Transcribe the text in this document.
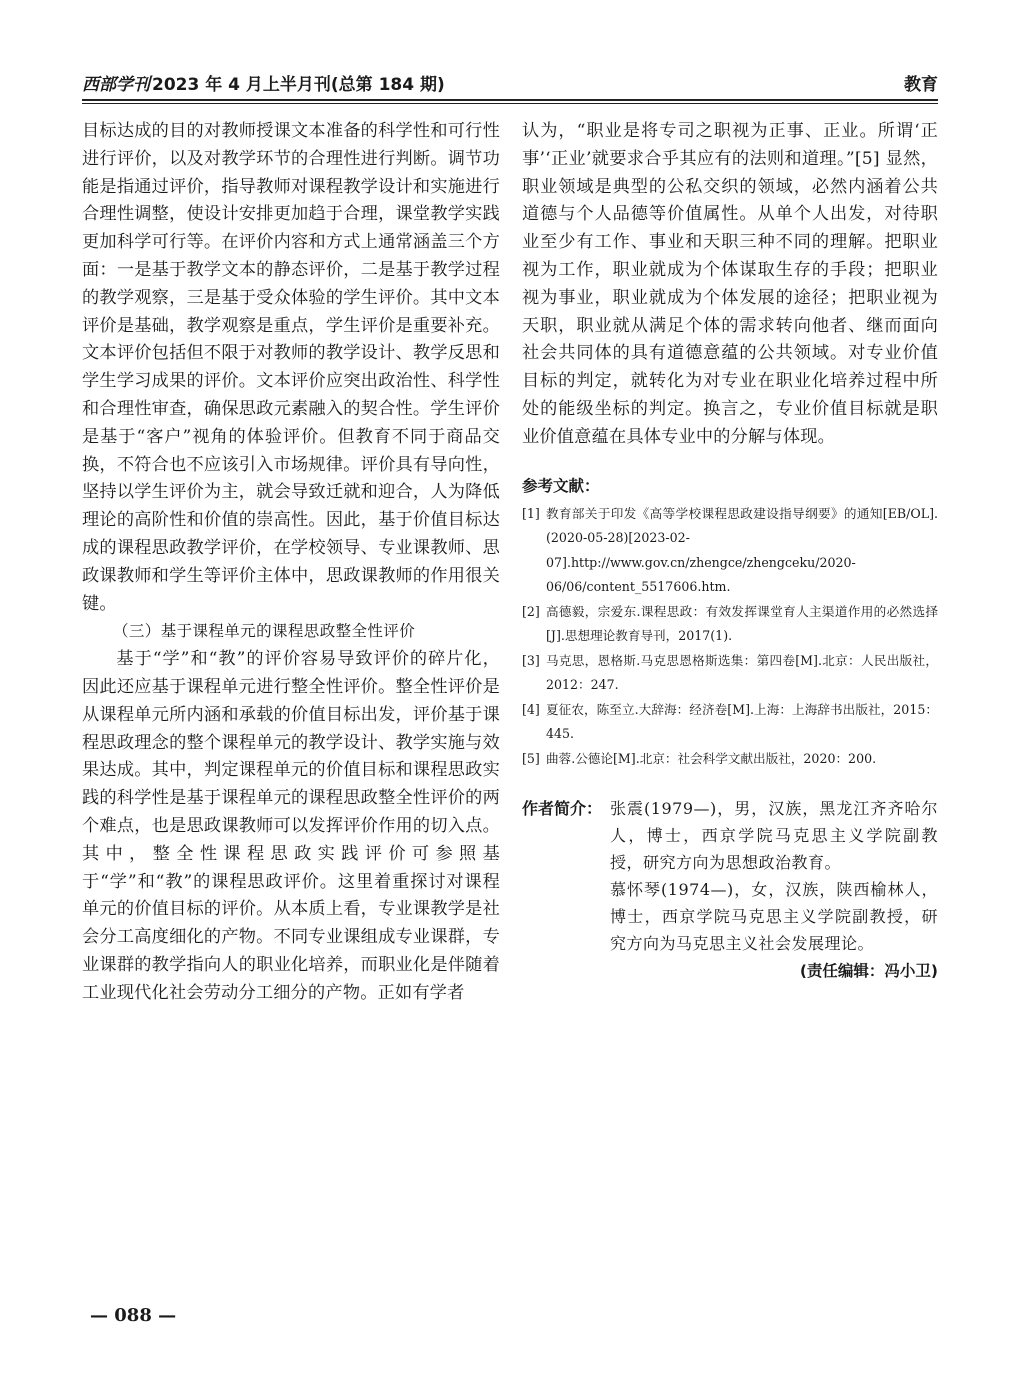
西部学刊 2023 年 4 月上半月刊(总第 184 期)	教育

目标达成的目的对教师授课文本准备的科学性和可行性进行评价，以及对教学环节的合理性进行判断。调节功能是指通过评价，指导教师对课程教学设计和实施进行合理性调整，使设计安排更加趋于合理，课堂教学实践更加科学可行等。在评价内容和方式上通常涵盖三个方面：一是基于教学文本的静态评价，二是基于教学过程的教学观察，三是基于受众体验的学生评价。其中文本评价是基础，教学观察是重点，学生评价是重要补充。文本评价包括但不限于对教师的教学设计、教学反思和学生学习成果的评价。文本评价应突出政治性、科学性和合理性审查，确保思政元素融入的契合性。学生评价是基于“客户”视角的体验评价。但教育不同于商品交换，不符合也不应该引入市场规律。评价具有导向性，坚持以学生评价为主，就会导致迁就和迎合，人为降低理论的高阶性和价值的崇高性。因此，基于价值目标达成的课程思政教学评价，在学校领导、专业课教师、思政课教师和学生等评价主体中，思政课教师的作用很关键。

（三）基于课程单元的课程思政整全性评价

基于“学”和“教”的评价容易导致评价的碎片化，因此还应基于课程单元进行整全性评价。整全性评价是从课程单元所内涵和承载的价值目标出发，评价基于课程思政理念的整个课程单元的教学设计、教学实施与效果达成。其中，判定课程单元的价值目标和课程思政实践的科学性是基于课程单元的课程思政整全性评价的两个难点，也是思政课教师可以发挥评价作用的切入点。其中，整全性课程思政实践评价可参照基于“学”和“教”的课程思政评价。这里着重探讨对课程单元的价值目标的评价。从本质上看，专业课教学是社会分工高度细化的产物。不同专业课组成专业课群，专业课群的教学指向人的职业化培养，而职业化是伴随着工业现代化社会劳动分工细分的产物。正如有学者

认为，“职业是将专司之职视为正事、正业。所谓‘正事’‘正业’就要求合乎其应有的法则和道理。”[5] 显然，职业领域是典型的公私交织的领域，必然内涵着公共道德与个人品德等价值属性。从单个人出发，对待职业至少有工作、事业和天职三种不同的理解。把职业视为工作，职业就成为个体谋取生存的手段；把职业视为事业，职业就成为个体发展的途径；把职业视为天职，职业就从满足个体的需求转向他者、继而面向社会共同体的具有道德意蕴的公共领域。对专业价值目标的判定，就转化为对专业在职业化培养过程中所处的能级坐标的判定。换言之，专业价值目标就是职业价值意蕴在具体专业中的分解与体现。

参考文献：

[1] 教育部关于印发《高等学校课程思政建设指导纲要》的通知[EB/OL].(2020-05-28)[2023-02-07].http://www.gov.cn/zhengce/zhengceku/2020-06/06/content_5517606.htm.

[2] 高德毅，宗爱东.课程思政：有效发挥课堂育人主渠道作用的必然选择[J].思想理论教育导刊，2017(1).

[3] 马克思，恩格斯.马克思恩格斯选集：第四卷[M].北京：人民出版社，2012：247.

[4] 夏征农，陈至立.大辞海：经济卷[M].上海：上海辞书出版社，2015：445.

[5] 曲蓉.公德论[M].北京：社会科学文献出版社，2020：200.

作者简介： 张震(1979—)，男，汉族，黑龙江齐齐哈尔人，博士，西京学院马克思主义学院副教授，研究方向为思想政治教育。

慕怀琴(1974—)，女，汉族，陕西榆林人，博士，西京学院马克思主义学院副教授，研究方向为马克思主义社会发展理论。

(责任编辑：冯小卫)
— 088 —
